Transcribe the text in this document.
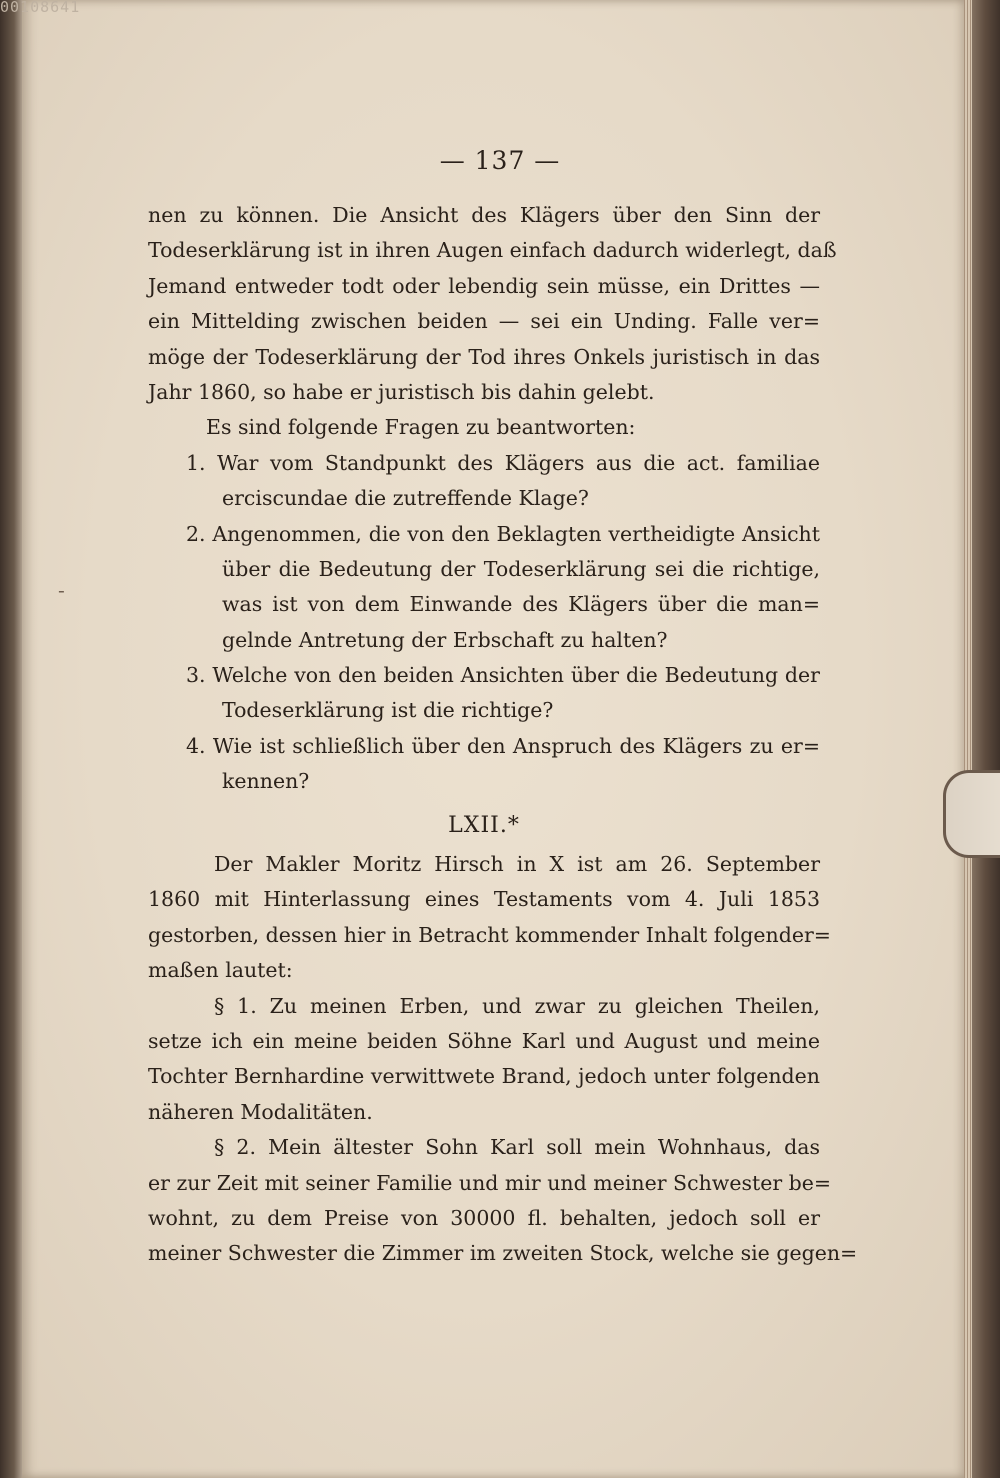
00108641
-
— 137 —
nen zu können. Die Ansicht des Klägers über den Sinn der
Todeserklärung ist in ihren Augen einfach dadurch widerlegt, daß
Jemand entweder todt oder lebendig sein müsse, ein Drittes —
ein Mittelding zwischen beiden — sei ein Unding. Falle ver=
möge der Todeserklärung der Tod ihres Onkels juristisch in das
Jahr 1860, so habe er juristisch bis dahin gelebt.
Es sind folgende Fragen zu beantworten:
1. War vom Standpunkt des Klägers aus die act. familiae
erciscundae die zutreffende Klage?
2. Angenommen, die von den Beklagten vertheidigte Ansicht
über die Bedeutung der Todeserklärung sei die richtige,
was ist von dem Einwande des Klägers über die man=
gelnde Antretung der Erbschaft zu halten?
3. Welche von den beiden Ansichten über die Bedeutung der
Todeserklärung ist die richtige?
4. Wie ist schließlich über den Anspruch des Klägers zu er=
kennen?
LXII.*
Der Makler Moritz Hirsch in X ist am 26. September
1860 mit Hinterlassung eines Testaments vom 4. Juli 1853
gestorben, dessen hier in Betracht kommender Inhalt folgender=
maßen lautet:
§ 1. Zu meinen Erben, und zwar zu gleichen Theilen,
setze ich ein meine beiden Söhne Karl und August und meine
Tochter Bernhardine verwittwete Brand, jedoch unter folgenden
näheren Modalitäten.
§ 2. Mein ältester Sohn Karl soll mein Wohnhaus, das
er zur Zeit mit seiner Familie und mir und meiner Schwester be=
wohnt, zu dem Preise von 30000 fl. behalten, jedoch soll er
meiner Schwester die Zimmer im zweiten Stock, welche sie gegen=
